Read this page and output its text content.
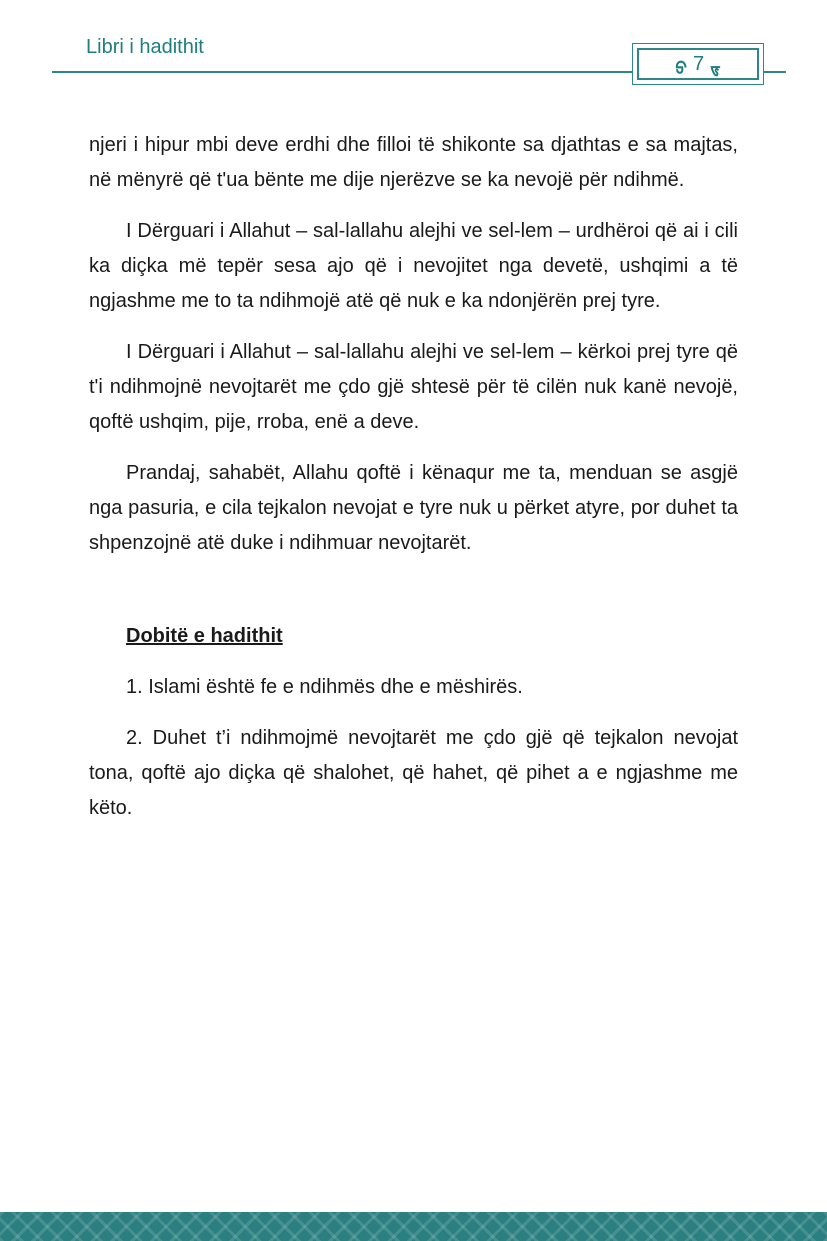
Libri i hadithit
ᢒ 7 ᢎ

njeri i hipur mbi deve erdhi dhe filloi të shikonte sa djathtas e sa majtas, në mënyrë që t'ua bënte me dije njerëzve se ka nevojë për ndihmë.

I Dërguari i Allahut – sal-lallahu alejhi ve sel-lem – urdhëroi që ai i cili ka diçka më tepër sesa ajo që i nevojitet nga devetë, ushqimi a të ngjashme me to ta ndihmojë atë që nuk e ka ndonjërën prej tyre.

I Dërguari i Allahut – sal-lallahu alejhi ve sel-lem – kërkoi prej tyre që t'i ndihmojnë nevojtarët me çdo gjë shtesë për të cilën nuk kanë nevojë, qoftë ushqim, pije, rroba, enë a deve.

Prandaj, sahabët, Allahu qoftë i kënaqur me ta, menduan se asgjë nga pasuria, e cila tejkalon nevojat e tyre nuk u përket atyre, por duhet ta shpenzojnë atë duke i ndihmuar nevojtarët.

Dobitë e hadithit

1. Islami është fe e ndihmës dhe e mëshirës.

2. Duhet t’i ndihmojmë nevojtarët me çdo gjë që tejkalon nevojat tona, qoftë ajo diçka që shalohet, që hahet, që pihet a e ngjashme me këto.
